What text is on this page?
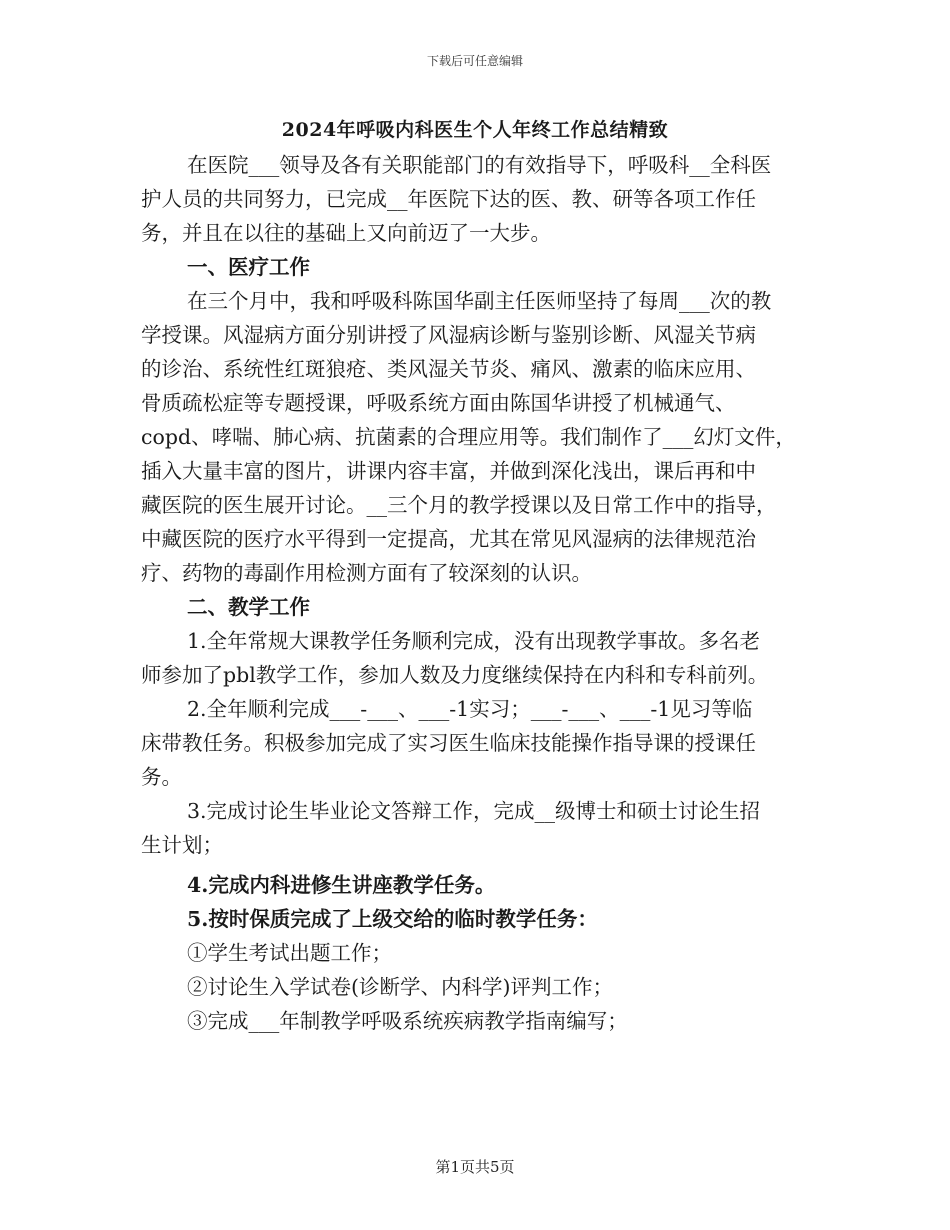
下载后可任意编辑
2024年呼吸内科医生个人年终工作总结精致
在医院___领导及各有关职能部门的有效指导下，呼吸科__全科医
护人员的共同努力，已完成__年医院下达的医、教、研等各项工作任
务，并且在以往的基础上又向前迈了一大步。
一、医疗工作
在三个月中，我和呼吸科陈国华副主任医师坚持了每周___次的教
学授课。风湿病方面分别讲授了风湿病诊断与鉴别诊断、风湿关节病
的诊治、系统性红斑狼疮、类风湿关节炎、痛风、激素的临床应用、
骨质疏松症等专题授课，呼吸系统方面由陈国华讲授了机械通气、
copd、哮喘、肺心病、抗菌素的合理应用等。我们制作了___幻灯文件，
插入大量丰富的图片，讲课内容丰富，并做到深化浅出，课后再和中
藏医院的医生展开讨论。__三个月的教学授课以及日常工作中的指导，
中藏医院的医疗水平得到一定提高，尤其在常见风湿病的法律规范治
疗、药物的毒副作用检测方面有了较深刻的认识。
二、教学工作
1.全年常规大课教学任务顺利完成，没有出现教学事故。多名老
师参加了pbl教学工作，参加人数及力度继续保持在内科和专科前列。
2.全年顺利完成___-___、___-1实习；___-___、___-1见习等临
床带教任务。积极参加完成了实习医生临床技能操作指导课的授课任
务。
3.完成讨论生毕业论文答辩工作，完成__级博士和硕士讨论生招
生计划；
4.完成内科进修生讲座教学任务。
5.按时保质完成了上级交给的临时教学任务：
①学生考试出题工作；
②讨论生入学试卷(诊断学、内科学)评判工作；
③完成___年制教学呼吸系统疾病教学指南编写；
第1页共5页
